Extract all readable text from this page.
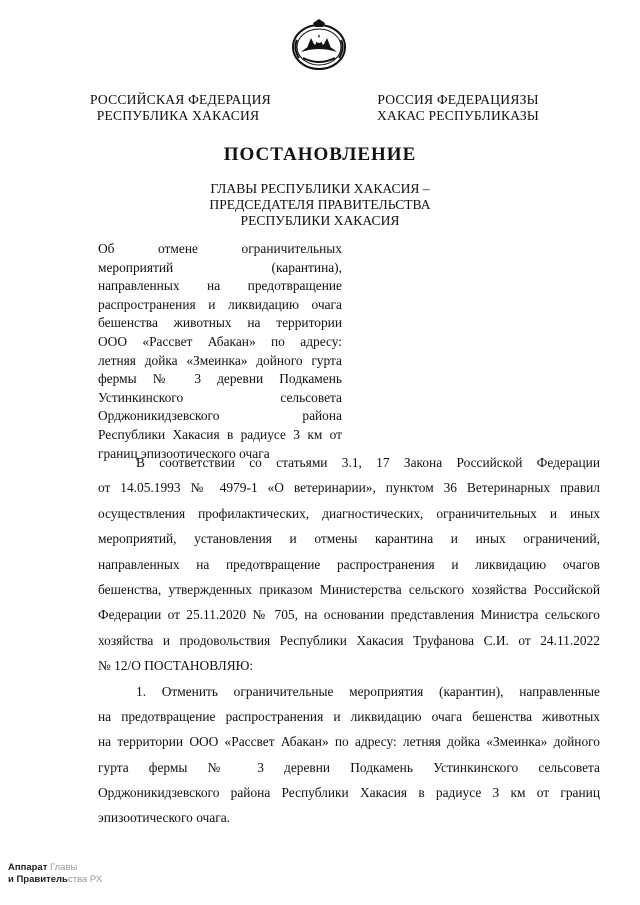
РОССИЙСКАЯ ФЕДЕРАЦИЯ
РЕСПУБЛИКА ХАКАСИЯ
РОССИЯ ФЕДЕРАЦИЯЗЫ
ХАКАС РЕСПУБЛИКАЗЫ
ПОСТАНОВЛЕНИЕ
ГЛАВЫ РЕСПУБЛИКИ ХАКАСИЯ –
ПРЕДСЕДАТЕЛЯ ПРАВИТЕЛЬСТВА
РЕСПУБЛИКИ ХАКАСИЯ
Об отмене ограничительных
мероприятий (карантина),
направленных на предотвращение
распространения и ликвидацию очага
бешенства животных на территории
ООО «Рассвет Абакан» по адресу:
летняя дойка «Змеинка» дойного гурта
фермы № 3 деревни Подкамень
Устинкинского сельсовета
Орджоникидзевского района
Республики Хакасия в радиусе 3 км от
границ эпизоотического очага
В соответствии со статьями 3.1, 17 Закона Российской Федерации
от 14.05.1993 № 4979-1 «О ветеринарии», пунктом 36 Ветеринарных правил
осуществления профилактических, диагностических, ограничительных и иных
мероприятий, установления и отмены карантина и иных ограничений,
направленных на предотвращение распространения и ликвидацию очагов
бешенства, утвержденных приказом Министерства сельского хозяйства Российской
Федерации от 25.11.2020 № 705, на основании представления Министра сельского
хозяйства и продовольствия Республики Хакасия Труфанова С.И. от 24.11.2022
№ 12/О ПОСТАНОВЛЯЮ:
1. Отменить ограничительные мероприятия (карантин), направленные
на предотвращение распространения и ликвидацию очага бешенства животных
на территории ООО «Рассвет Абакан» по адресу: летняя дойка «Змеинка» дойного
гурта фермы № 3 деревни Подкамень Устинкинского сельсовета
Орджоникидзевского района Республики Хакасия в радиусе 3 км от границ
эпизоотического очага.
Аппарат Главы
и Правительства РХ
